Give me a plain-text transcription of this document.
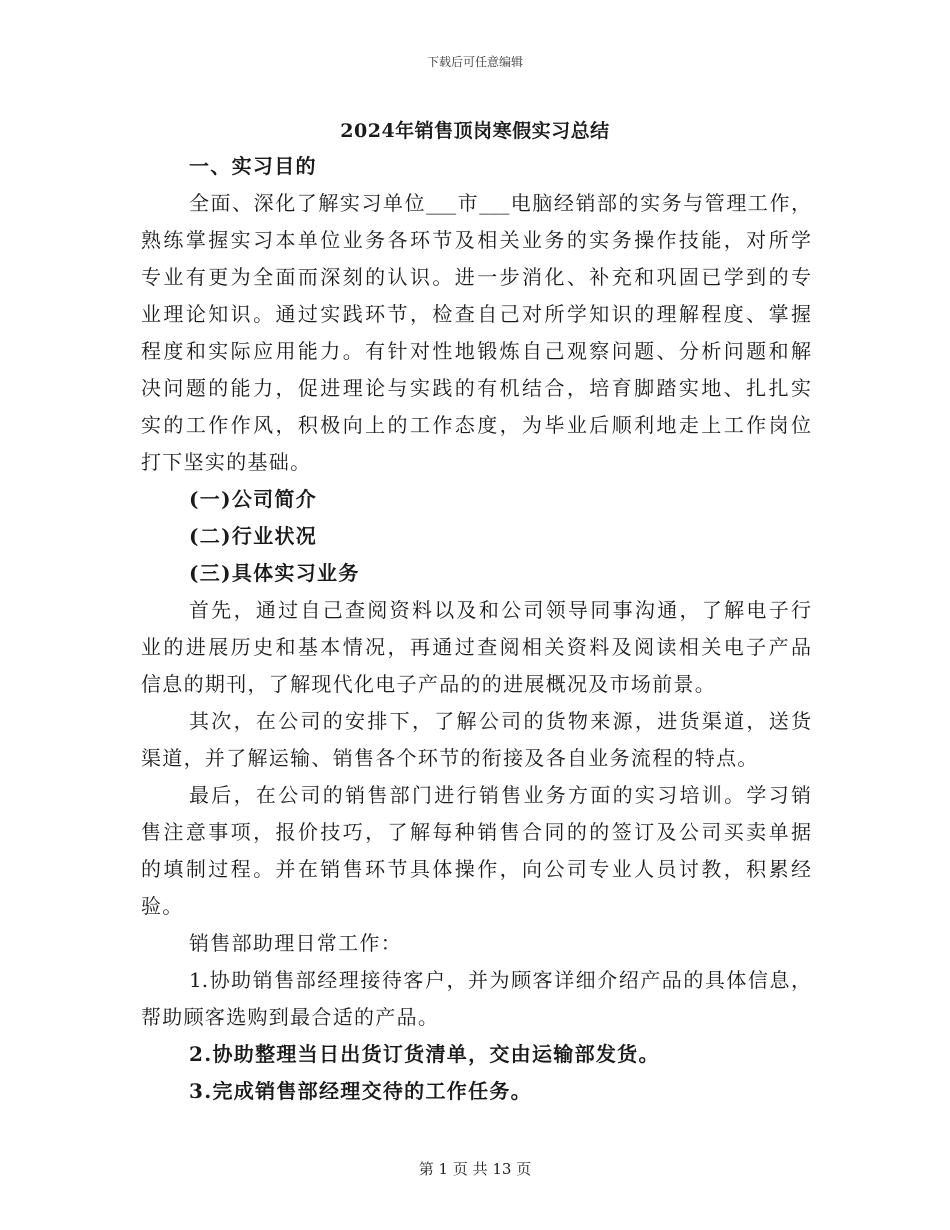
下载后可任意编辑
2024年销售顶岗寒假实习总结
一、实习目的
全面、深化了解实习单位___市___电脑经销部的实务与管理工作，
熟练掌握实习本单位业务各环节及相关业务的实务操作技能，对所学
专业有更为全面而深刻的认识。进一步消化、补充和巩固已学到的专
业理论知识。通过实践环节，检查自己对所学知识的理解程度、掌握
程度和实际应用能力。有针对性地锻炼自己观察问题、分析问题和解
决问题的能力，促进理论与实践的有机结合，培育脚踏实地、扎扎实
实的工作作风，积极向上的工作态度，为毕业后顺利地走上工作岗位
打下坚实的基础。
(一)公司简介
(二)行业状况
(三)具体实习业务
首先，通过自己查阅资料以及和公司领导同事沟通，了解电子行
业的进展历史和基本情况，再通过查阅相关资料及阅读相关电子产品
信息的期刊，了解现代化电子产品的的进展概况及市场前景。
其次，在公司的安排下，了解公司的货物来源，进货渠道，送货
渠道，并了解运输、销售各个环节的衔接及各自业务流程的特点。
最后，在公司的销售部门进行销售业务方面的实习培训。学习销
售注意事项，报价技巧，了解每种销售合同的的签订及公司买卖单据
的填制过程。并在销售环节具体操作，向公司专业人员讨教，积累经
验。
销售部助理日常工作：
1.协助销售部经理接待客户，并为顾客详细介绍产品的具体信息，
帮助顾客选购到最合适的产品。
2.协助整理当日出货订货清单，交由运输部发货。
3.完成销售部经理交待的工作任务。
第 1 页 共 13 页
